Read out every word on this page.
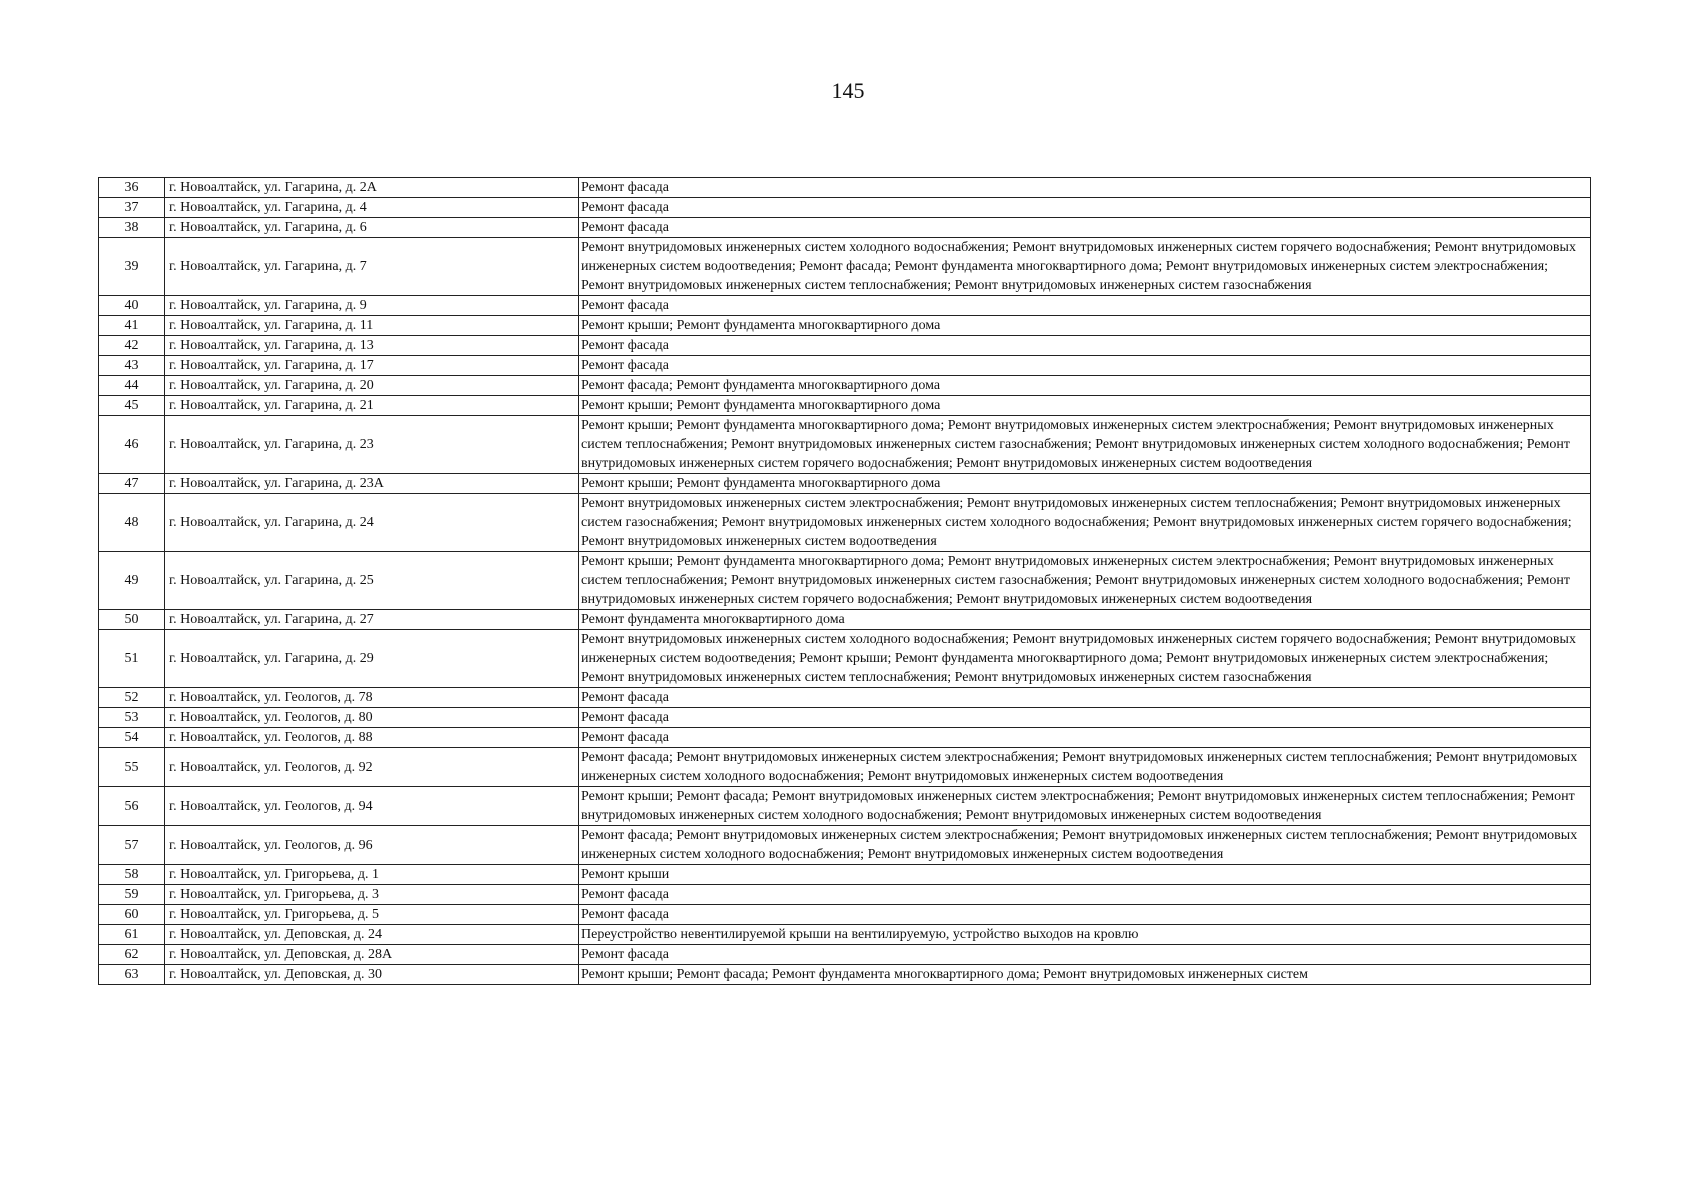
145
36	г. Новоалтайск, ул. Гагарина, д. 2А	Ремонт фасада
37	г. Новоалтайск, ул. Гагарина, д. 4	Ремонт фасада
38	г. Новоалтайск, ул. Гагарина, д. 6	Ремонт фасада
39	г. Новоалтайск, ул. Гагарина, д. 7	Ремонт внутридомовых инженерных систем холодного водоснабжения; Ремонт внутридомовых инженерных систем горячего водоснабжения; Ремонт внутридомовых инженерных систем водоотведения; Ремонт фасада; Ремонт фундамента многоквартирного дома; Ремонт внутридомовых инженерных систем электроснабжения; Ремонт внутридомовых инженерных систем теплоснабжения; Ремонт внутридомовых инженерных систем газоснабжения
40	г. Новоалтайск, ул. Гагарина, д. 9	Ремонт фасада
41	г. Новоалтайск, ул. Гагарина, д. 11	Ремонт крыши; Ремонт фундамента многоквартирного дома
42	г. Новоалтайск, ул. Гагарина, д. 13	Ремонт фасада
43	г. Новоалтайск, ул. Гагарина, д. 17	Ремонт фасада
44	г. Новоалтайск, ул. Гагарина, д. 20	Ремонт фасада; Ремонт фундамента многоквартирного дома
45	г. Новоалтайск, ул. Гагарина, д. 21	Ремонт крыши; Ремонт фундамента многоквартирного дома
46	г. Новоалтайск, ул. Гагарина, д. 23	Ремонт крыши; Ремонт фундамента многоквартирного дома; Ремонт внутридомовых инженерных систем электроснабжения; Ремонт внутридомовых инженерных систем теплоснабжения; Ремонт внутридомовых инженерных систем газоснабжения; Ремонт внутридомовых инженерных систем холодного водоснабжения; Ремонт внутридомовых инженерных систем горячего водоснабжения; Ремонт внутридомовых инженерных систем водоотведения
47	г. Новоалтайск, ул. Гагарина, д. 23А	Ремонт крыши; Ремонт фундамента многоквартирного дома
48	г. Новоалтайск, ул. Гагарина, д. 24	Ремонт внутридомовых инженерных систем электроснабжения; Ремонт внутридомовых инженерных систем теплоснабжения; Ремонт внутридомовых инженерных систем газоснабжения; Ремонт внутридомовых инженерных систем холодного водоснабжения; Ремонт внутридомовых инженерных систем горячего водоснабжения; Ремонт внутридомовых инженерных систем водоотведения
49	г. Новоалтайск, ул. Гагарина, д. 25	Ремонт крыши; Ремонт фундамента многоквартирного дома; Ремонт внутридомовых инженерных систем электроснабжения; Ремонт внутридомовых инженерных систем теплоснабжения; Ремонт внутридомовых инженерных систем газоснабжения; Ремонт внутридомовых инженерных систем холодного водоснабжения; Ремонт внутридомовых инженерных систем горячего водоснабжения; Ремонт внутридомовых инженерных систем водоотведения
50	г. Новоалтайск, ул. Гагарина, д. 27	Ремонт фундамента многоквартирного дома
51	г. Новоалтайск, ул. Гагарина, д. 29	Ремонт внутридомовых инженерных систем холодного водоснабжения; Ремонт внутридомовых инженерных систем горячего водоснабжения; Ремонт внутридомовых инженерных систем водоотведения; Ремонт крыши; Ремонт фундамента многоквартирного дома; Ремонт внутридомовых инженерных систем электроснабжения; Ремонт внутридомовых инженерных систем теплоснабжения; Ремонт внутридомовых инженерных систем газоснабжения
52	г. Новоалтайск, ул. Геологов, д. 78	Ремонт фасада
53	г. Новоалтайск, ул. Геологов, д. 80	Ремонт фасада
54	г. Новоалтайск, ул. Геологов, д. 88	Ремонт фасада
55	г. Новоалтайск, ул. Геологов, д. 92	Ремонт фасада; Ремонт внутридомовых инженерных систем электроснабжения; Ремонт внутридомовых инженерных систем теплоснабжения; Ремонт внутридомовых инженерных систем холодного водоснабжения; Ремонт внутридомовых инженерных систем водоотведения
56	г. Новоалтайск, ул. Геологов, д. 94	Ремонт крыши; Ремонт фасада; Ремонт внутридомовых инженерных систем электроснабжения; Ремонт внутридомовых инженерных систем теплоснабжения; Ремонт внутридомовых инженерных систем холодного водоснабжения; Ремонт внутридомовых инженерных систем водоотведения
57	г. Новоалтайск, ул. Геологов, д. 96	Ремонт фасада; Ремонт внутридомовых инженерных систем электроснабжения; Ремонт внутридомовых инженерных систем теплоснабжения; Ремонт внутридомовых инженерных систем холодного водоснабжения; Ремонт внутридомовых инженерных систем водоотведения
58	г. Новоалтайск, ул. Григорьева, д. 1	Ремонт крыши
59	г. Новоалтайск, ул. Григорьева, д. 3	Ремонт фасада
60	г. Новоалтайск, ул. Григорьева, д. 5	Ремонт фасада
61	г. Новоалтайск, ул. Деповская, д. 24	Переустройство невентилируемой крыши на вентилируемую, устройство выходов на кровлю
62	г. Новоалтайск, ул. Деповская, д. 28А	Ремонт фасада
63	г. Новоалтайск, ул. Деповская, д. 30	Ремонт крыши; Ремонт фасада; Ремонт фундамента многоквартирного дома; Ремонт внутридомовых инженерных систем
